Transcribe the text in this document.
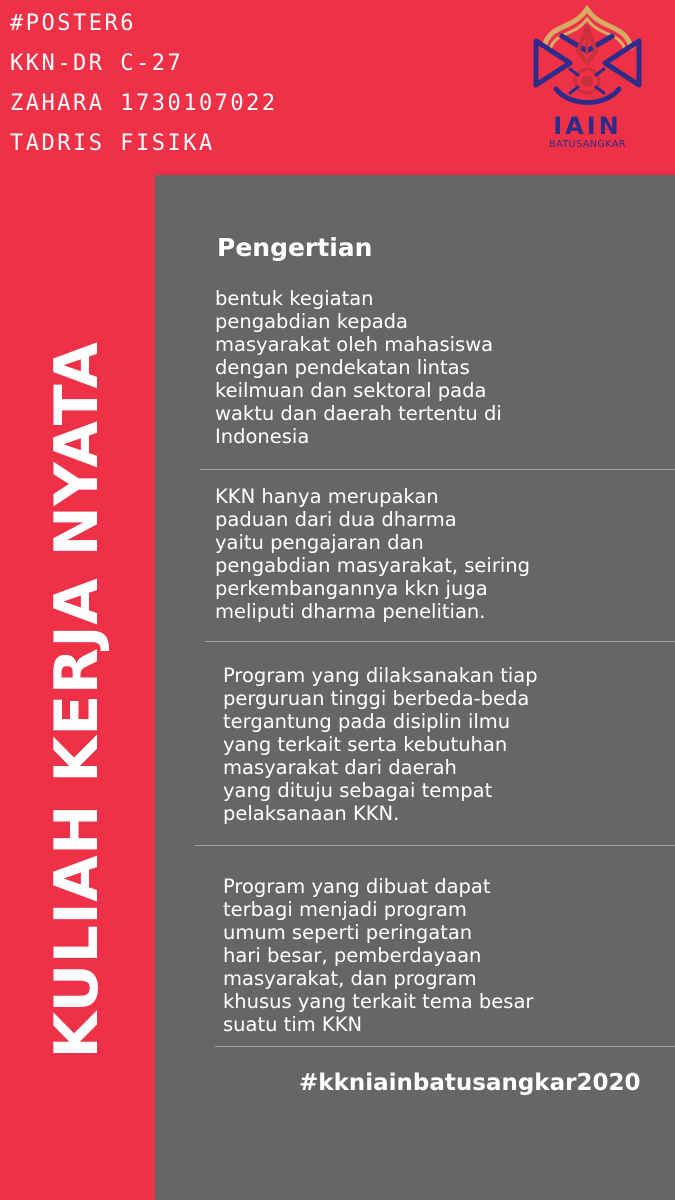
#POSTER6
KKN-DR C-27
ZAHARA 1730107022
TADRIS FISIKA
IAIN
BATUSANGKAR
KULIAH KERJA NYATA
Pengertian
bentuk kegiatan
pengabdian kepada
masyarakat oleh mahasiswa
dengan pendekatan lintas
keilmuan dan sektoral pada
waktu dan daerah tertentu di
Indonesia
KKN hanya merupakan
paduan dari dua dharma
yaitu pengajaran dan
pengabdian masyarakat, seiring
perkembangannya kkn juga
meliputi dharma penelitian.
Program yang dilaksanakan tiap
perguruan tinggi berbeda-beda
tergantung pada disiplin ilmu
yang terkait serta kebutuhan
masyarakat dari daerah
yang dituju sebagai tempat
pelaksanaan KKN.
Program yang dibuat dapat
terbagi menjadi program
umum seperti peringatan
hari besar, pemberdayaan
masyarakat, dan program
khusus yang terkait tema besar
suatu tim KKN
#kkniainbatusangkar2020
